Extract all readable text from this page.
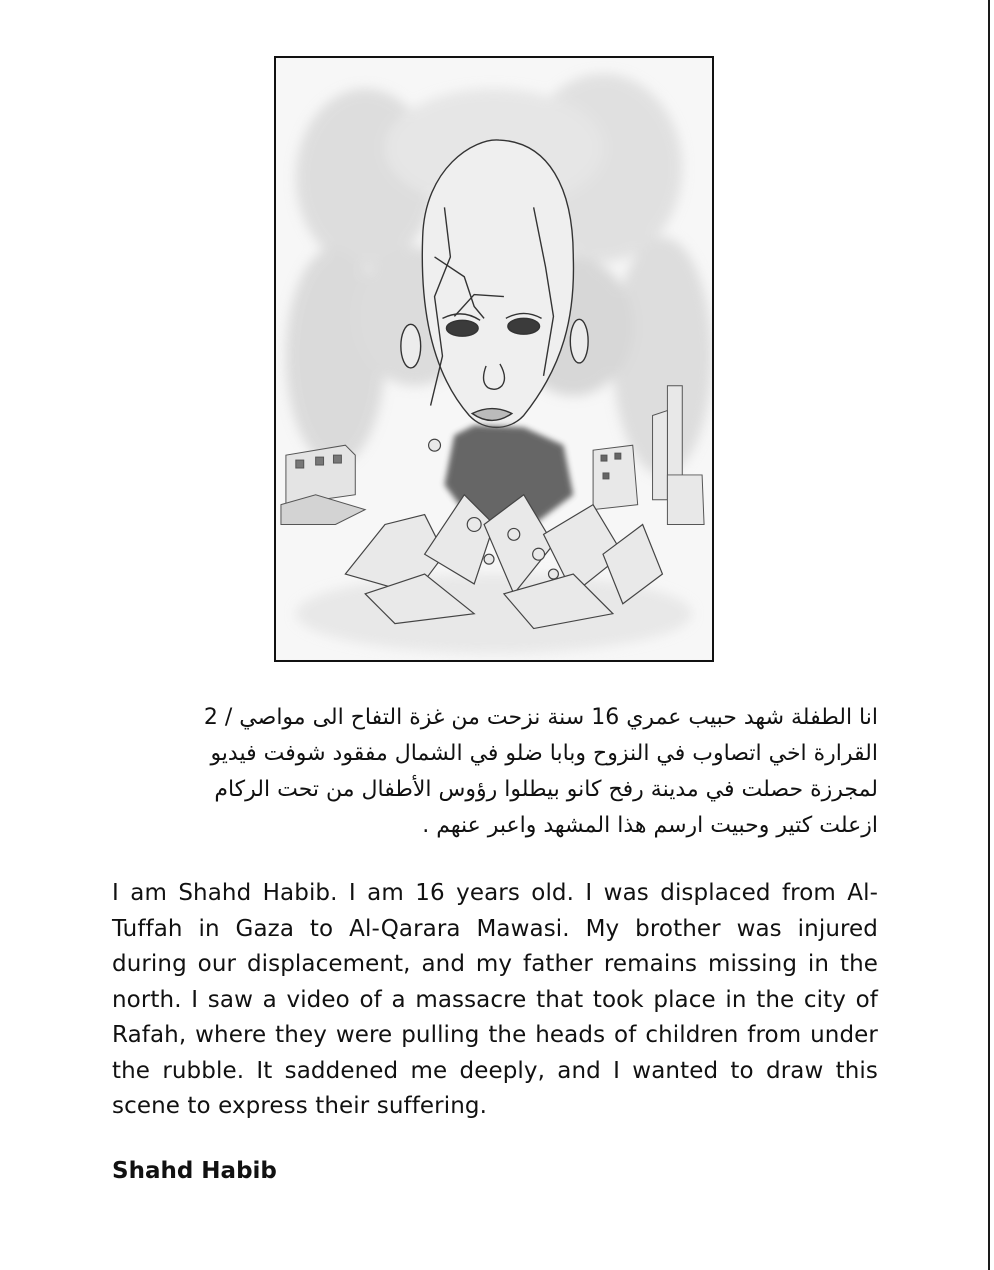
انا الطفلة شهد حبيب عمري 16 سنة نزحت من غزة التفاح الى مواصي / 2

القرارة اخي اتصاوب في النزوح وبابا ضلو في الشمال مفقود شوفت فيديو

لمجرزة حصلت في مدينة رفح كانو بيطلوا رؤوس الأطفال من تحت الركام

ازعلت كتير وحبيت ارسم هذا المشهد واعبر عنهم .

I am Shahd Habib. I am 16 years old. I was displaced from Al-Tuffah in Gaza to Al-Qarara Mawasi. My brother was injured during our displacement, and my father remains missing in the north. I saw a video of a massacre that took place in the city of Rafah, where they were pulling the heads of children from under the rubble. It saddened me deeply, and I wanted to draw this scene to express their suffering.

Shahd Habib
